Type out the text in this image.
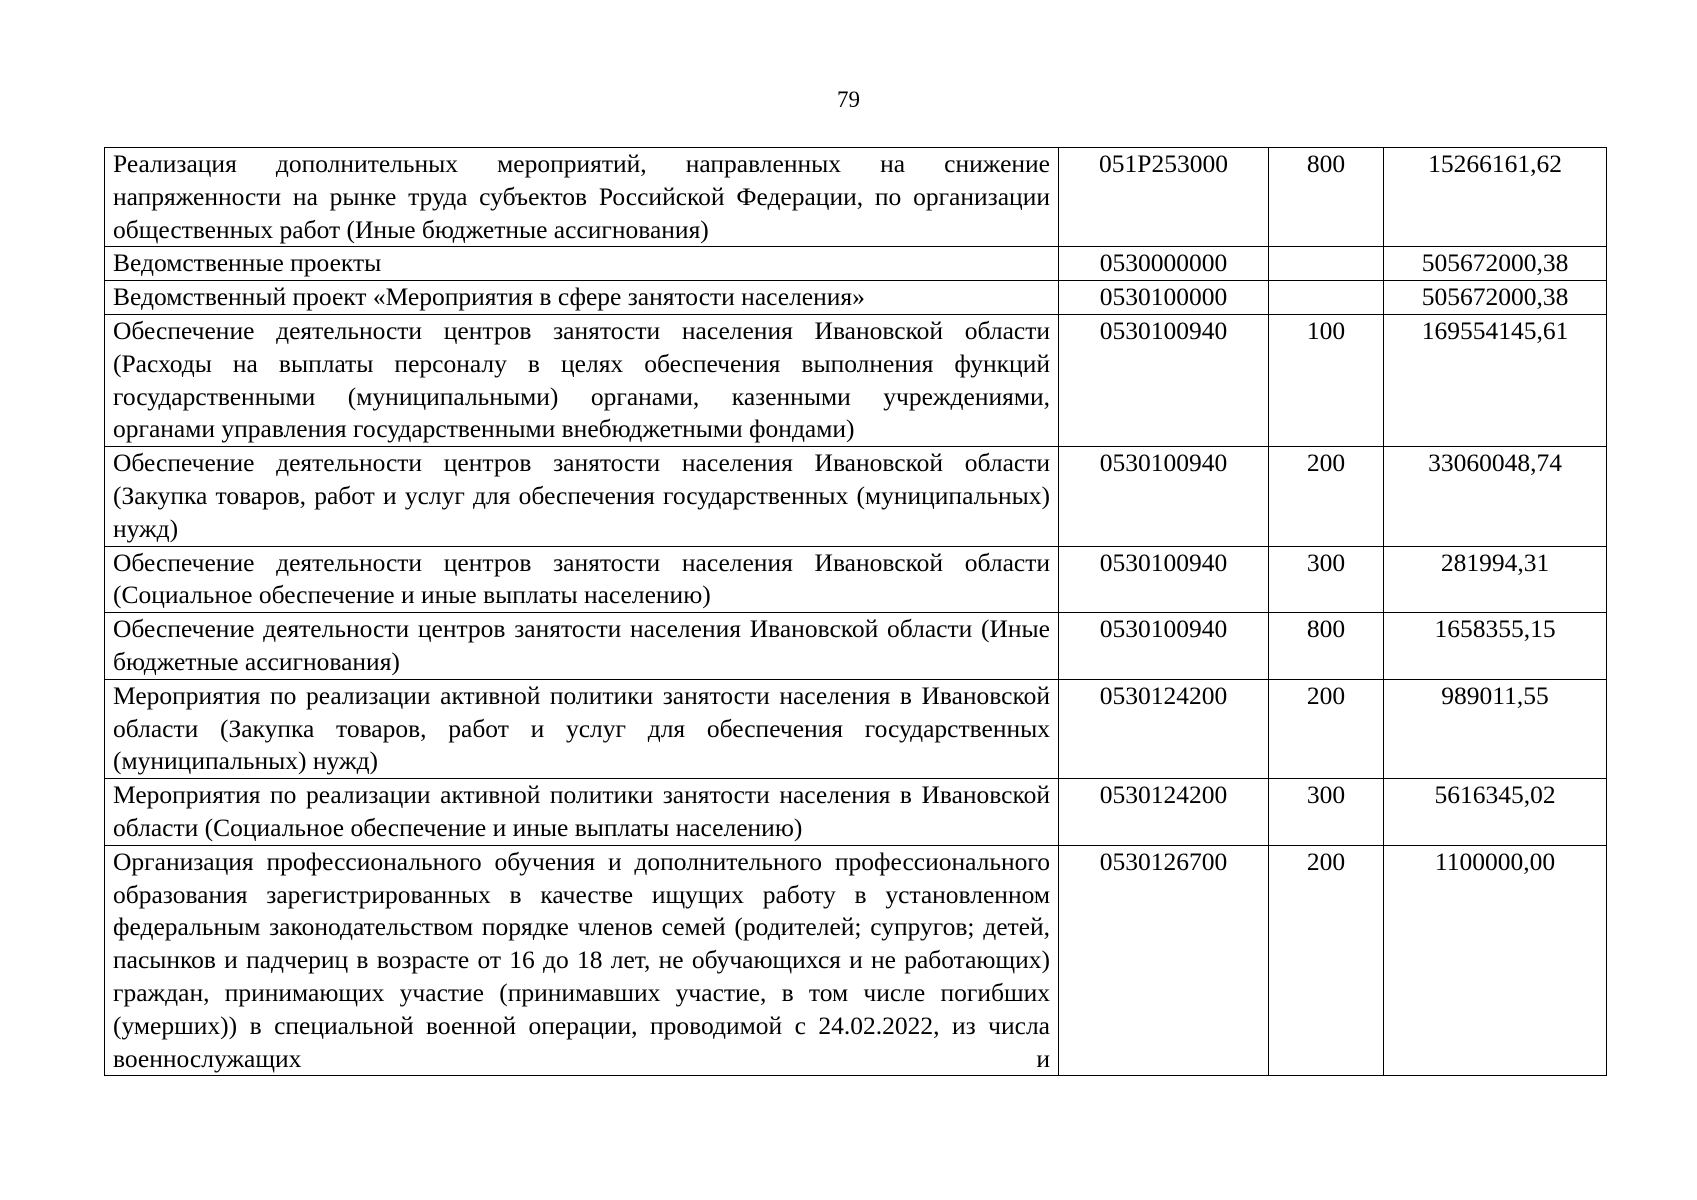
79
Реализация дополнительных мероприятий, направленных на снижение напряженности на рынке труда субъектов Российской Федерации, по организации общественных работ (Иные бюджетные ассигнования)	051P253000	800	15266161,62
Ведомственные проекты	0530000000		505672000,38
Ведомственный проект «Мероприятия в сфере занятости населения»	0530100000		505672000,38
Обеспечение деятельности центров занятости населения Ивановской области (Расходы на выплаты персоналу в целях обеспечения выполнения функций государственными (муниципальными) органами, казенными учреждениями, органами управления государственными внебюджетными фондами)	0530100940	100	169554145,61
Обеспечение деятельности центров занятости населения Ивановской области (Закупка товаров, работ и услуг для обеспечения государственных (муниципальных) нужд)	0530100940	200	33060048,74
Обеспечение деятельности центров занятости населения Ивановской области (Социальное обеспечение и иные выплаты населению)	0530100940	300	281994,31
Обеспечение деятельности центров занятости населения Ивановской области (Иные бюджетные ассигнования)	0530100940	800	1658355,15
Мероприятия по реализации активной политики занятости населения в Ивановской области (Закупка товаров, работ и услуг для обеспечения государственных (муниципальных) нужд)	0530124200	200	989011,55
Мероприятия по реализации активной политики занятости населения в Ивановской области (Социальное обеспечение и иные выплаты населению)	0530124200	300	5616345,02
Организация профессионального обучения и дополнительного профессионального образования зарегистрированных в качестве ищущих работу в установленном федеральным законодательством порядке членов семей (родителей; супругов; детей, пасынков и падчериц в возрасте от 16 до 18 лет, не обучающихся и не работающих) граждан, принимающих участие (принимавших участие, в том числе погибших (умерших)) в специальной военной операции, проводимой с 24.02.2022, из числа военнослужащих и	0530126700	200	1100000,00
